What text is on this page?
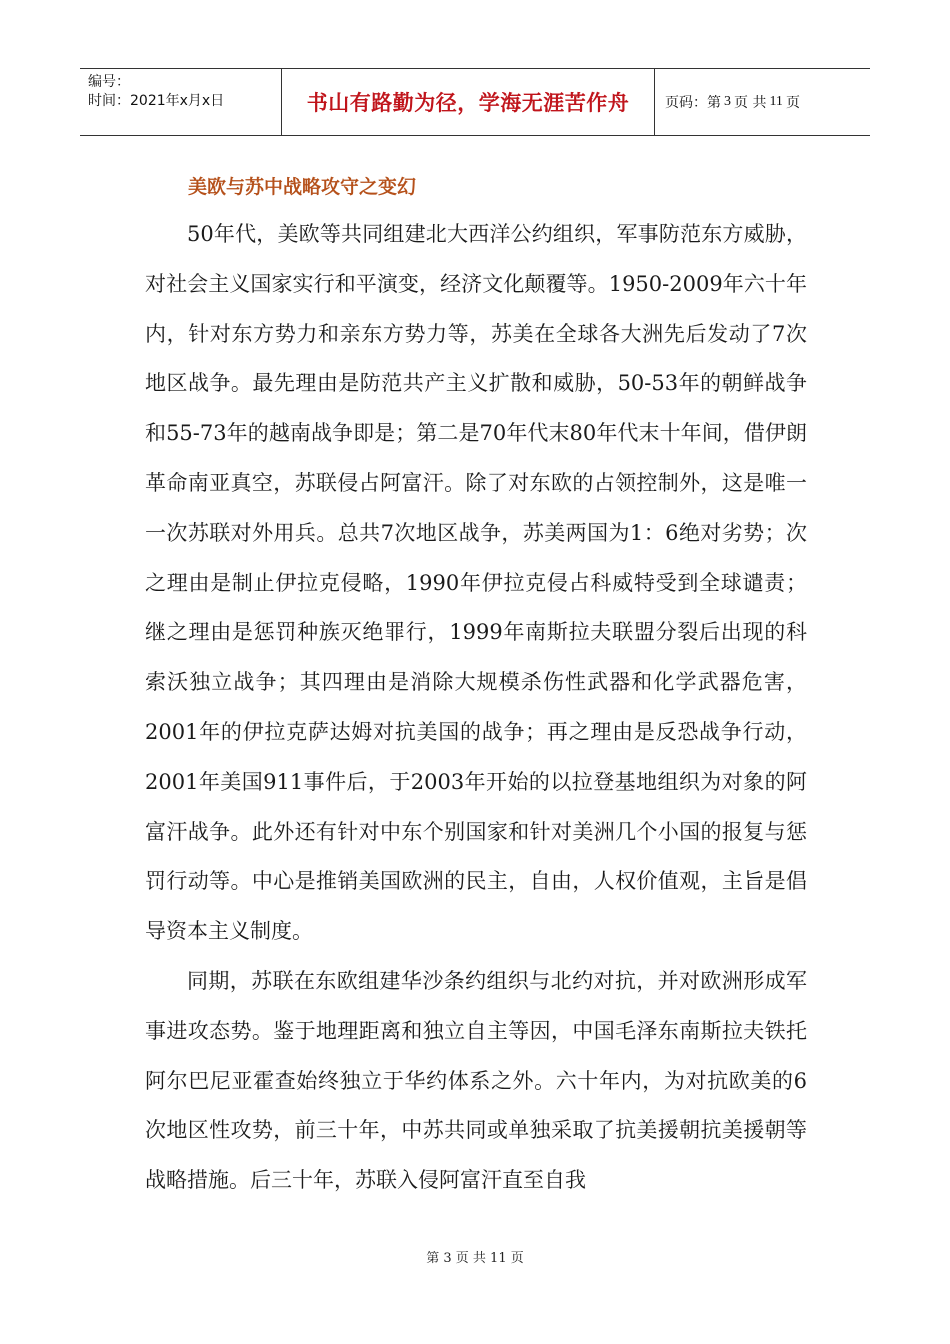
编号：
时间：2021年x月x日	书山有路勤为径，学海无涯苦作舟	页码：第 3 页 共 11 页
美欧与苏中战略攻守之变幻

50年代，美欧等共同组建北大西洋公约组织，军事防范东方威胁，对社会主义国家实行和平演变，经济文化颠覆等。1950-2009年六十年内，针对东方势力和亲东方势力等，苏美在全球各大洲先后发动了7次地区战争。最先理由是防范共产主义扩散和威胁，50-53年的朝鲜战争和55-73年的越南战争即是；第二是70年代末80年代末十年间，借伊朗革命南亚真空，苏联侵占阿富汗。除了对东欧的占领控制外，这是唯一一次苏联对外用兵。总共7次地区战争，苏美两国为1：6绝对劣势；次之理由是制止伊拉克侵略，1990年伊拉克侵占科威特受到全球谴责；继之理由是惩罚种族灭绝罪行，1999年南斯拉夫联盟分裂后出现的科索沃独立战争；其四理由是消除大规模杀伤性武器和化学武器危害，2001年的伊拉克萨达姆对抗美国的战争；再之理由是反恐战争行动，2001年美国911事件后，于2003年开始的以拉登基地组织为对象的阿富汗战争。此外还有针对中东个别国家和针对美洲几个小国的报复与惩罚行动等。中心是推销美国欧洲的民主，自由，人权价值观，主旨是倡导资本主义制度。

同期，苏联在东欧组建华沙条约组织与北约对抗，并对欧洲形成军事进攻态势。鉴于地理距离和独立自主等因，中国毛泽东南斯拉夫铁托阿尔巴尼亚霍查始终独立于华约体系之外。六十年内，为对抗欧美的6次地区性攻势，前三十年，中苏共同或单独采取了抗美援朝抗美援朝等战略措施。后三十年，苏联入侵阿富汗直至自我

第 3 页 共 11 页
